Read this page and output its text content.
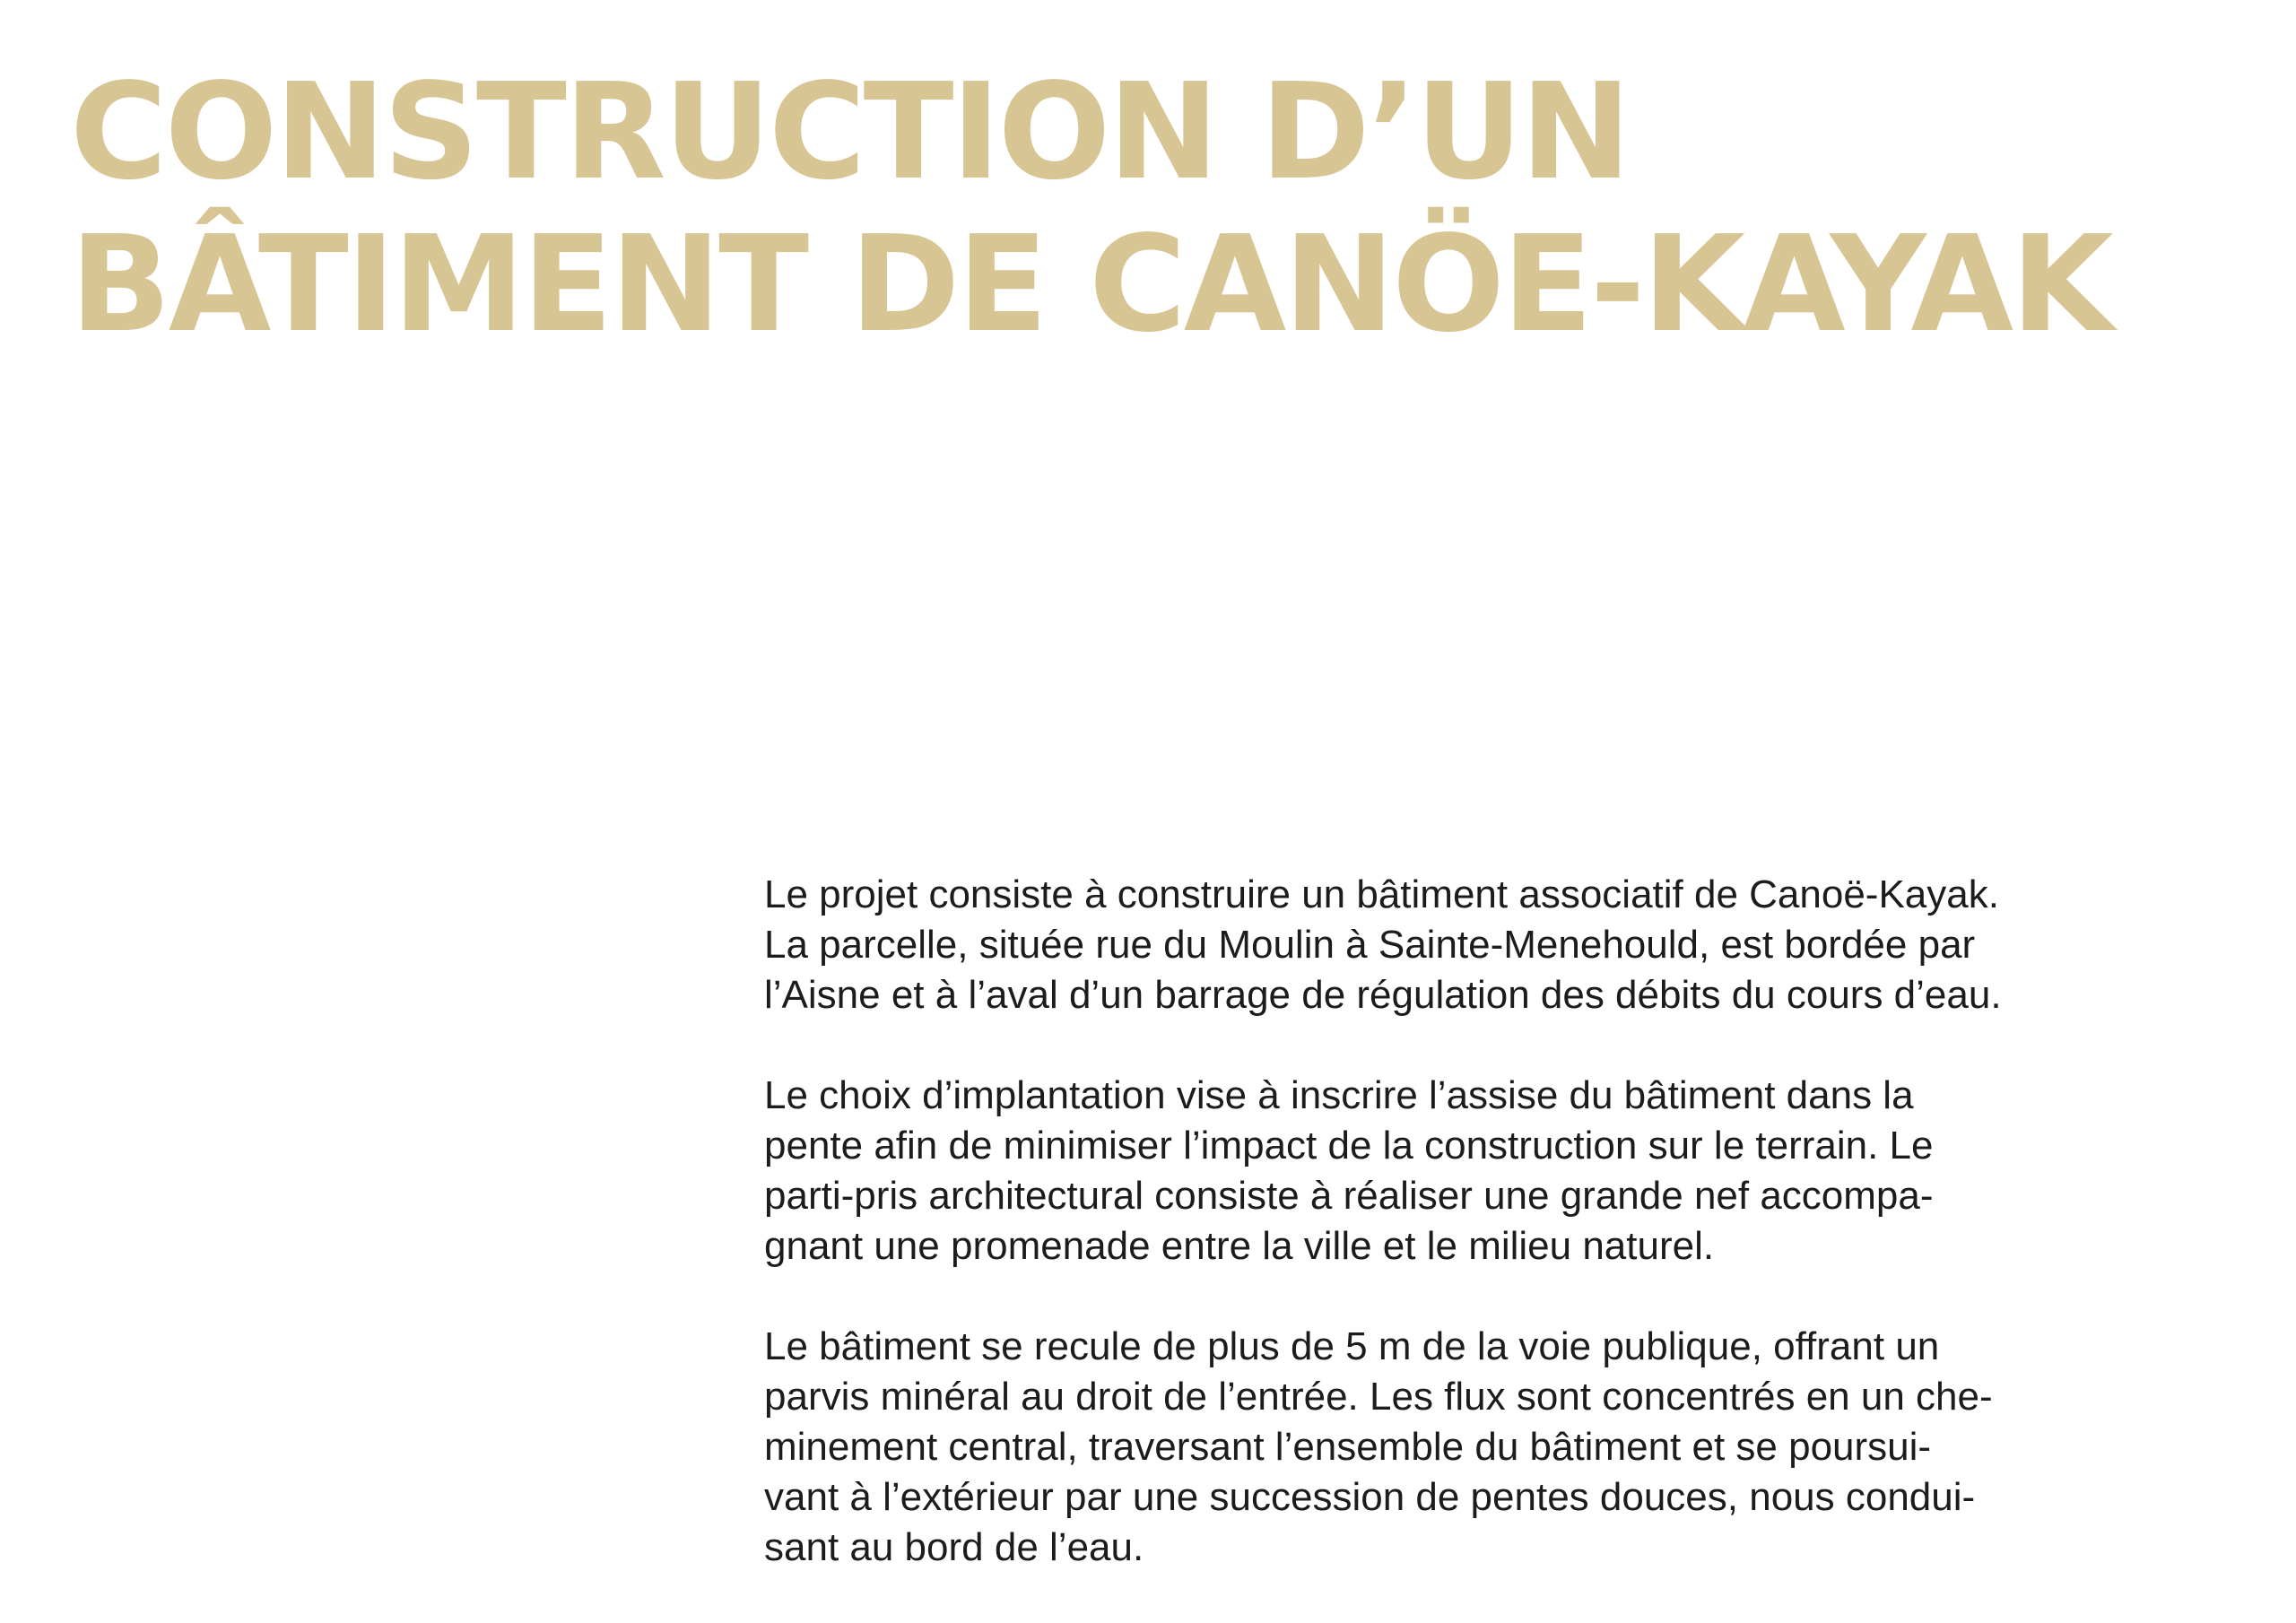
CONSTRUCTION D’UN
BÂTIMENT DE CANÖE-KAYAK

Le projet consiste à construire un bâtiment associatif de Canoë-Kayak.
La parcelle, située rue du Moulin à Sainte-Menehould, est bordée par
l’Aisne et à l’aval d’un barrage de régulation des débits du cours d’eau.

Le choix d’implantation vise à inscrire l’assise du bâtiment dans la
pente afin de minimiser l’impact de la construction sur le terrain. Le
parti-pris architectural consiste à réaliser une grande nef accompa-
gnant une promenade entre la ville et le milieu naturel.

Le bâtiment se recule de plus de 5 m de la voie publique, offrant un
parvis minéral au droit de l’entrée. Les flux sont concentrés en un che-
minement central, traversant l’ensemble du bâtiment et se poursui-
vant à l’extérieur par une succession de pentes douces, nous condui-
sant au bord de l’eau.
